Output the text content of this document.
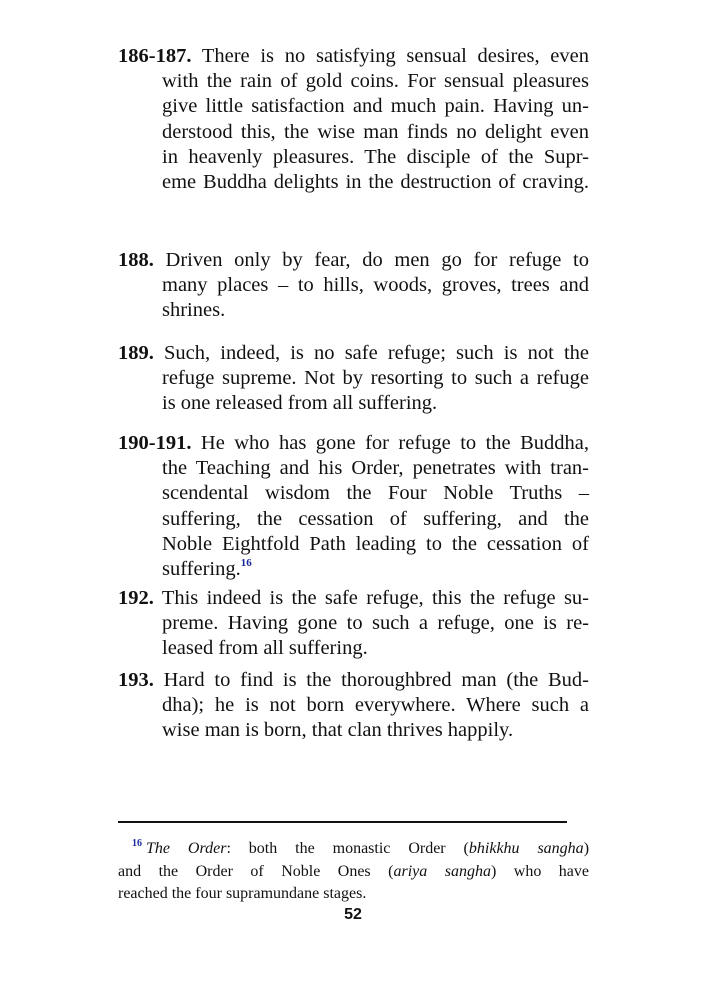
186-187. There is no satisfying sensual desires, even
with the rain of gold coins. For sensual pleasures
give little satisfaction and much pain. Having un-
derstood this, the wise man finds no delight even
in heavenly pleasures. The disciple of the Supr-
eme Buddha delights in the destruction of craving.
188. Driven only by fear, do men go for refuge to
many places – to hills, woods, groves, trees and
shrines.
189. Such, indeed, is no safe refuge; such is not the
refuge supreme. Not by resorting to such a refuge
is one released from all suffering.
190-191. He who has gone for refuge to the Buddha,
the Teaching and his Order, penetrates with tran-
scendental wisdom the Four Noble Truths –
suffering, the cessation of suffering, and the
Noble Eightfold Path leading to the cessation of
suffering.$^{16}$
192. This indeed is the safe refuge, this the refuge su-
preme. Having gone to such a refuge, one is re-
leased from all suffering.
193. Hard to find is the thoroughbred man (the Bud-
dha); he is not born everywhere. Where such a
wise man is born, that clan thrives happily.
$^{16}$ The Order: both the monastic Order (bhikkhu sangha)
and the Order of Noble Ones (ariya sangha) who have
reached the four supramundane stages.
52
